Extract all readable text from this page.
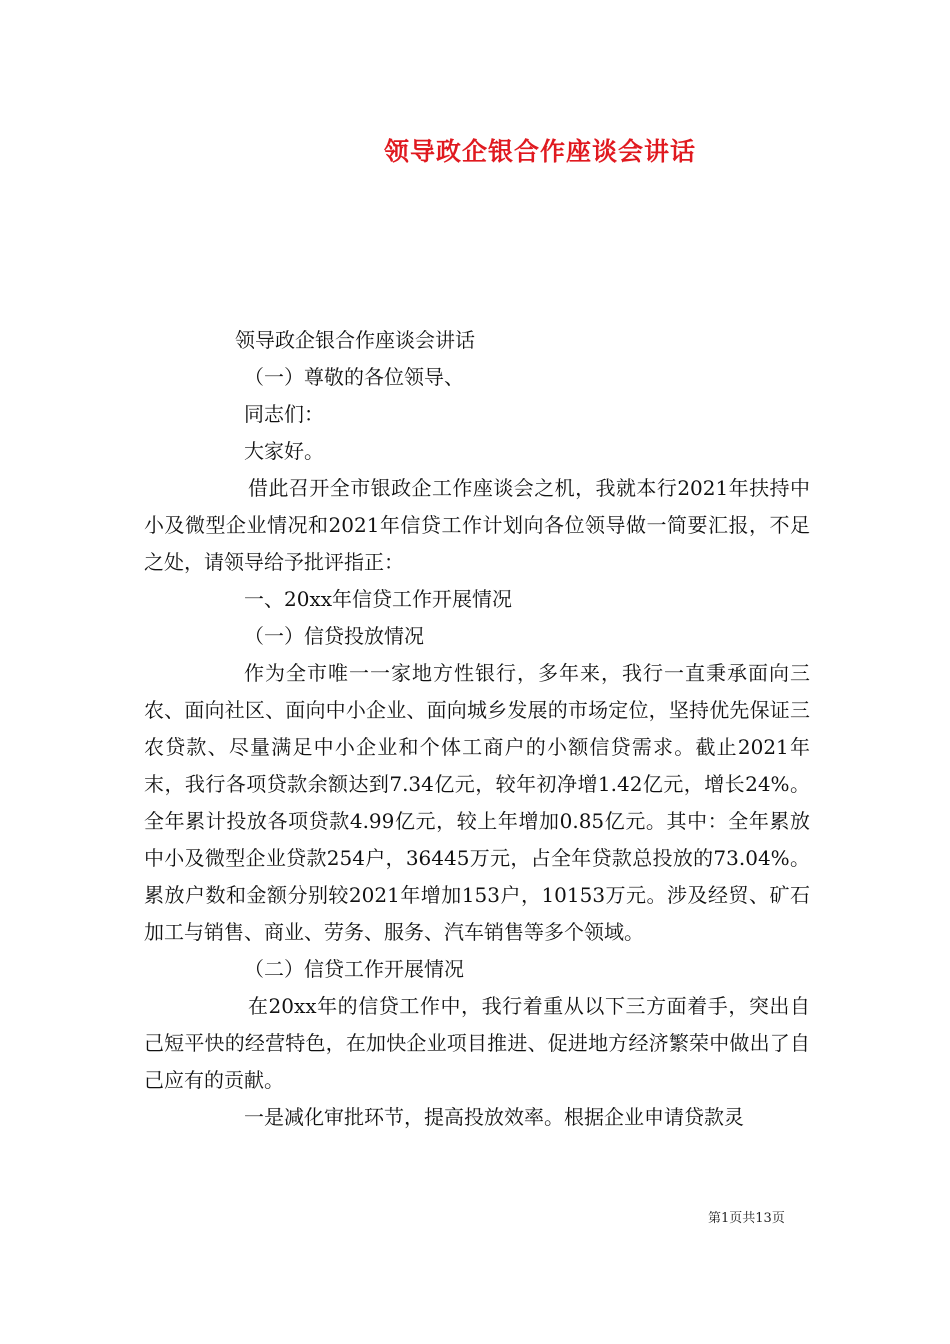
领导政企银合作座谈会讲话

领导政企银合作座谈会讲话

（一）尊敬的各位领导、

同志们：

大家好。

借此召开全市银政企工作座谈会之机，我就本行2021年扶持中小及微型企业情况和2021年信贷工作计划向各位领导做一简要汇报，不足之处，请领导给予批评指正：

一、20xx年信贷工作开展情况

（一）信贷投放情况

作为全市唯一一家地方性银行，多年来，我行一直秉承面向三农、面向社区、面向中小企业、面向城乡发展的市场定位，坚持优先保证三农贷款、尽量满足中小企业和个体工商户的小额信贷需求。截止2021年末，我行各项贷款余额达到7.34亿元，较年初净增1.42亿元，增长24%。全年累计投放各项贷款4.99亿元，较上年增加0.85亿元。其中：全年累放中小及微型企业贷款254户，36445万元，占全年贷款总投放的73.04%。累放户数和金额分别较2021年增加153户，10153万元。涉及经贸、矿石加工与销售、商业、劳务、服务、汽车销售等多个领域。

（二）信贷工作开展情况

在20xx年的信贷工作中，我行着重从以下三方面着手，突出自己短平快的经营特色，在加快企业项目推进、促进地方经济繁荣中做出了自己应有的贡献。

一是减化审批环节，提高投放效率。根据企业申请贷款灵

第1页共13页
